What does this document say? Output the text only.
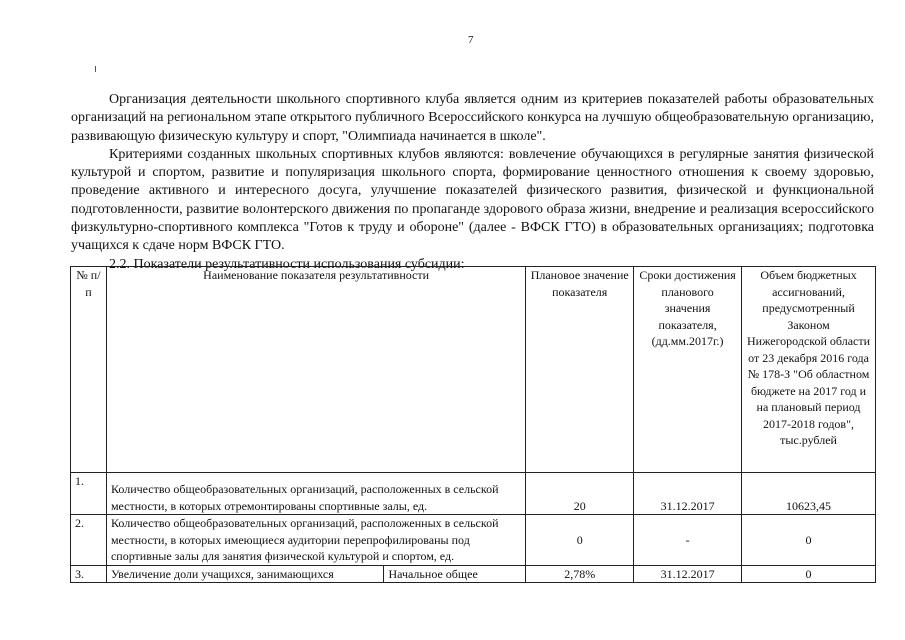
7

Организация деятельности школьного спортивного клуба является одним из критериев показателей работы образовательных организаций на региональном этапе открытого публичного Всероссийского конкурса на лучшую общеобразовательную организацию, развивающую физическую культуру и спорт, "Олимпиада начинается в школе".

Критериями созданных школьных спортивных клубов являются: вовлечение обучающихся в регулярные занятия физической культурой и спортом, развитие и популяризация школьного спорта, формирование ценностного отношения к своему здоровью, проведение активного и интересного досуга, улучшение показателей физического развития, физической и функциональной подготовленности, развитие волонтерского движения по пропаганде здорового образа жизни, внедрение и реализация всероссийского физкультурно-спортивного комплекса "Готов к труду и обороне" (далее - ВФСК ГТО) в образовательных организациях; подготовка учащихся к сдаче норм ВФСК ГТО.

2.2. Показатели результативности использования субсидии:

№ п/п	Наименование показателя результативности		Плановое значение показателя	Сроки достижения планового значения показателя, (дд.мм.2017г.)	Объем бюджетных ассигнований, предусмотренный Законом Нижегородской области от 23 декабря 2016 года № 178-З "Об областном бюджете на 2017 год и на плановый период 2017-2018 годов", тыс.рублей
1.	Количество общеобразовательных организаций, расположенных в сельской местности, в которых отремонтированы спортивные залы, ед.		20	31.12.2017	10623,45
2.	Количество общеобразовательных организаций, расположенных в сельской местности, в которых имеющиеся аудитории перепрофилированы под спортивные залы для занятия физической культурой и спортом, ед.		0	-	0
3.	Увеличение доли учащихся, занимающихся	Начальное общее	2,78%	31.12.2017	0
